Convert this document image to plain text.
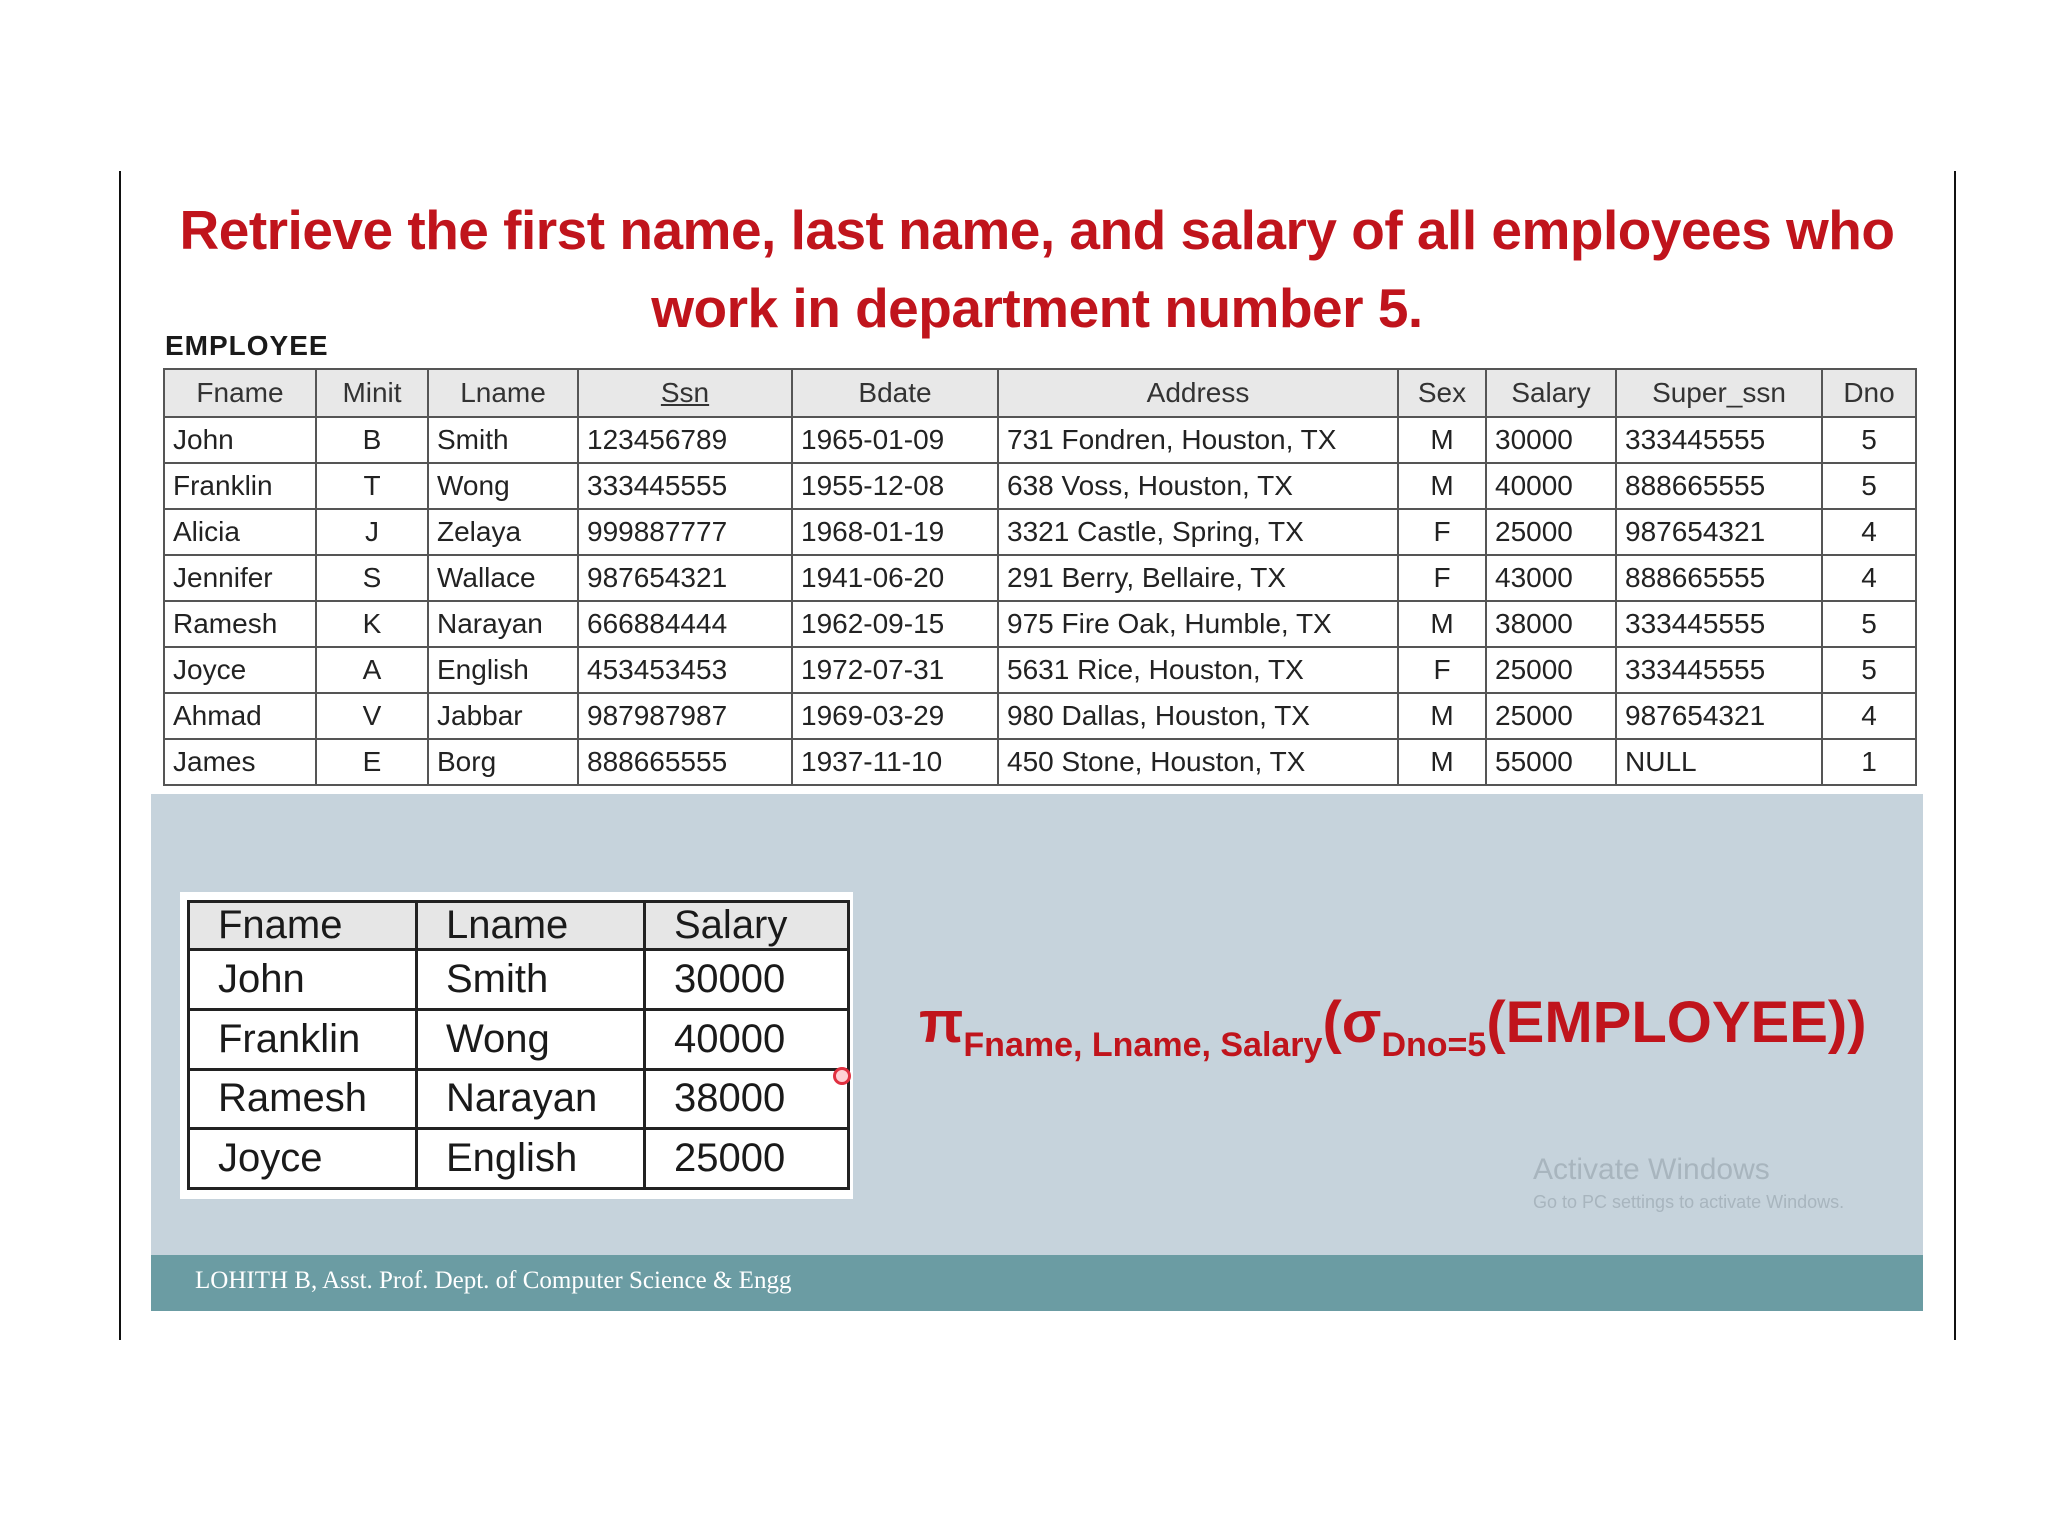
Retrieve the first name, last name, and salary of all employees who work in department number 5.
EMPLOYEE
Fname	Minit	Lname	Ssn	Bdate	Address	Sex	Salary	Super_ssn	Dno
John	B	Smith	123456789	1965-01-09	731 Fondren, Houston, TX	M	30000	333445555	5
Franklin	T	Wong	333445555	1955-12-08	638 Voss, Houston, TX	M	40000	888665555	5
Alicia	J	Zelaya	999887777	1968-01-19	3321 Castle, Spring, TX	F	25000	987654321	4
Jennifer	S	Wallace	987654321	1941-06-20	291 Berry, Bellaire, TX	F	43000	888665555	4
Ramesh	K	Narayan	666884444	1962-09-15	975 Fire Oak, Humble, TX	M	38000	333445555	5
Joyce	A	English	453453453	1972-07-31	5631 Rice, Houston, TX	F	25000	333445555	5
Ahmad	V	Jabbar	987987987	1969-03-29	980 Dallas, Houston, TX	M	25000	987654321	4
James	E	Borg	888665555	1937-11-10	450 Stone, Houston, TX	M	55000	NULL	1
Fname	Lname	Salary
John	Smith	30000
Franklin	Wong	40000
Ramesh	Narayan	38000
Joyce	English	25000
$\pi_{Fname, Lname, Salary}(\sigma_{Dno=5}(EMPLOYEE))$
Activate Windows
Go to PC settings to activate Windows.
LOHITH B, Asst. Prof. Dept. of Computer Science & Engg
